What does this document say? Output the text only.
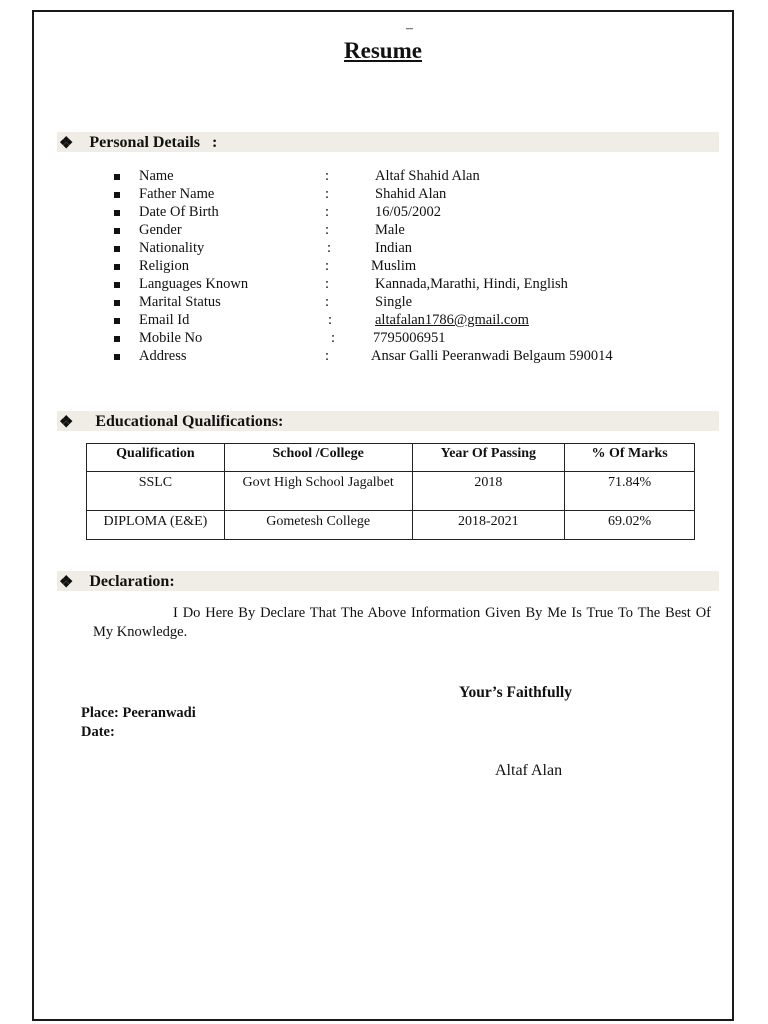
–
Resume
❖ Personal Details   :
Name	:	Altaf Shahid Alan
Father Name	:	Shahid Alan
Date Of Birth	:	16/05/2002
Gender	:	Male
Nationality	:	Indian
Religion	:	Muslim
Languages Known	:	Kannada,Marathi, Hindi, English
Marital Status	:	Single
Email Id	:	altafalan1786@gmail.com
Mobile No	:	7795006951
Address	:	Ansar Galli Peeranwadi Belgaum 590014
❖ Educational Qualifications:
Qualification	School /College	Year Of Passing	% Of Marks
SSLC	Govt High School Jagalbet	2018	71.84%
DIPLOMA (E&E)	Gometesh College	2018-2021	69.02%
❖ Declaration:
I Do Here By Declare That The Above Information Given By Me Is True To The Best Of My Knowledge.
Your’s Faithfully
Place: Peeranwadi
Date:
Altaf Alan
